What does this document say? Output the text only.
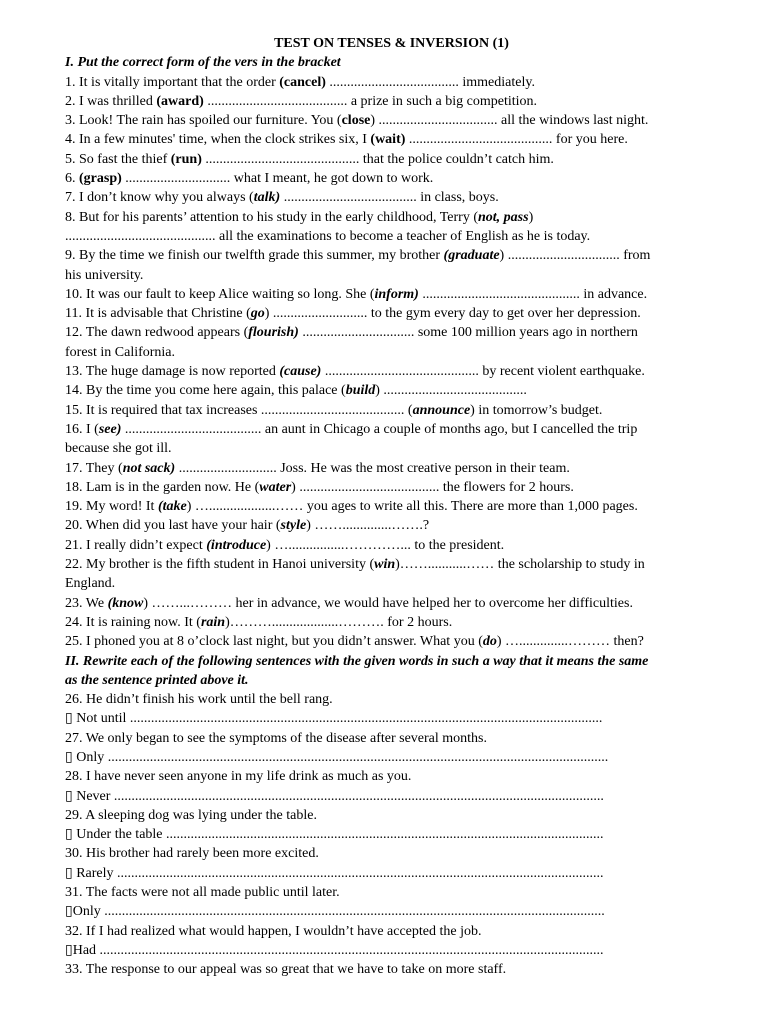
TEST ON TENSES & INVERSION (1)

I. Put the correct form of the vers in the bracket

1. It is vitally important that the order (cancel) ..................................... immediately.

2. I was thrilled (award) ........................................ a prize in such a big competition.

3. Look! The rain has spoiled our furniture. You (close) .................................. all the windows last night.

4. In a few minutes' time, when the clock strikes six, I (wait) ......................................... for you here.

5. So fast the thief (run) ............................................ that the police couldn’t catch him.

6. (grasp) .............................. what I meant, he got down to work.

7. I don’t know why you always (talk) ...................................... in class, boys.

8. But for his parents’ attention to his study in the early childhood, Terry (not, pass)

........................................... all the examinations to become a teacher of English as he is today.

9. By the time we finish our twelfth grade this summer, my brother (graduate) ................................ from

his university.

10. It was our fault to keep Alice waiting so long. She (inform) ............................................. in advance.

11. It is advisable that Christine (go) ........................... to the gym every day to get over her depression.

12. The dawn redwood appears (flourish) ................................ some 100 million years ago in northern

forest in California.

13. The huge damage is now reported (cause) ............................................ by recent violent earthquake.

14. By the time you come here again, this palace (build) .........................................

15. It is required that tax increases ......................................... (announce) in tomorrow’s budget.

16. I (see) ....................................... an aunt in Chicago a couple of months ago, but I cancelled the trip

because she got ill.

17. They (not sack) ............................ Joss. He was the most creative person in their team.

18. Lam is in the garden now. He (water) ........................................ the flowers for 2 hours.

19. My word! It (take) …...................…… you ages to write all this. There are more than 1,000 pages.

20. When did you last have your hair (style) ……..............…….?

21. I really didn’t expect (introduce) …................…………... to the president.

22. My brother is the fifth student in Hanoi university (win)……...........…… the scholarship to study in

England.

23. We (know) ……...……… her in advance, we would have helped her to overcome her difficulties.

24. It is raining now. It (rain)………...................………. for 2 hours.

25. I phoned you at 8 o’clock last night, but you didn’t answer. What you (do) …..............……… then?

II. Rewrite each of the following sentences with the given words in such a way that it means the same

as the sentence printed above it.

26. He didn’t finish his work until the bell rang.

▯ Not until .......................................................................................................................................

27. We only began to see the symptoms of the disease after several months.

▯ Only ...............................................................................................................................................

28. I have never seen anyone in my life drink as much as you.

▯ Never ............................................................................................................................................

29. A sleeping dog was lying under the table.

▯ Under the table .............................................................................................................................

30. His brother had rarely been more excited.

▯ Rarely ...........................................................................................................................................

31. The facts were not all made public until later.

▯Only ...............................................................................................................................................

32. If I had realized what would happen, I wouldn’t have accepted the job.

▯Had ................................................................................................................................................

33. The response to our appeal was so great that we have to take on more staff.
